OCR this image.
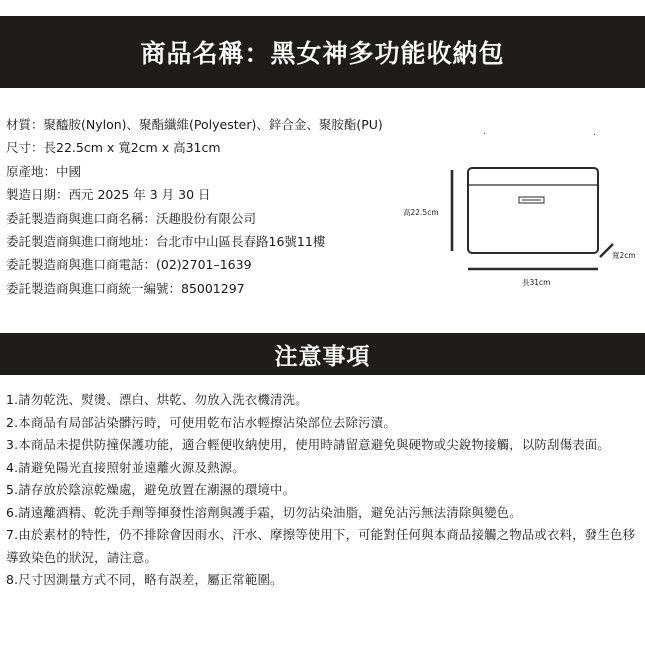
商品名稱：黑女神多功能收納包
材質：聚醯胺(Nylon)、聚酯纖維(Polyester)、鋅合金、聚胺酯(PU)
尺寸：長22.5cm x 寬2cm x 高31cm
原產地：中國
製造日期：西元 2025 年 3 月 30 日
委託製造商與進口商名稱：沃趣股份有限公司
委託製造商與進口商地址：台北市中山區長春路16號11樓
委託製造商與進口商電話：(02)2701–1639
委託製造商與進口商統一編號：85001297
高22.5cm
長31cm
寬2cm
注意事項
1.請勿乾洗、熨燙、漂白、烘乾、勿放入洗衣機清洗。
2.本商品有局部沾染髒污時，可使用乾布沾水輕擦沾染部位去除污漬。
3.本商品未提供防撞保護功能，適合輕便收納使用，使用時請留意避免與硬物或尖銳物接觸，以防刮傷表面。
4.請避免陽光直接照射並遠離火源及熱源。
5.請存放於陰涼乾燥處，避免放置在潮濕的環境中。
6.請遠離酒精、乾洗手劑等揮發性溶劑與護手霜，切勿沾染油脂，避免沾污無法清除與變色。
7.由於素材的特性，仍不排除會因雨水、汗水、摩擦等使用下，可能對任何與本商品接觸之物品或衣料，發生色移導致染色的狀況，請注意。
8.尺寸因測量方式不同，略有誤差，屬正常範圍。
